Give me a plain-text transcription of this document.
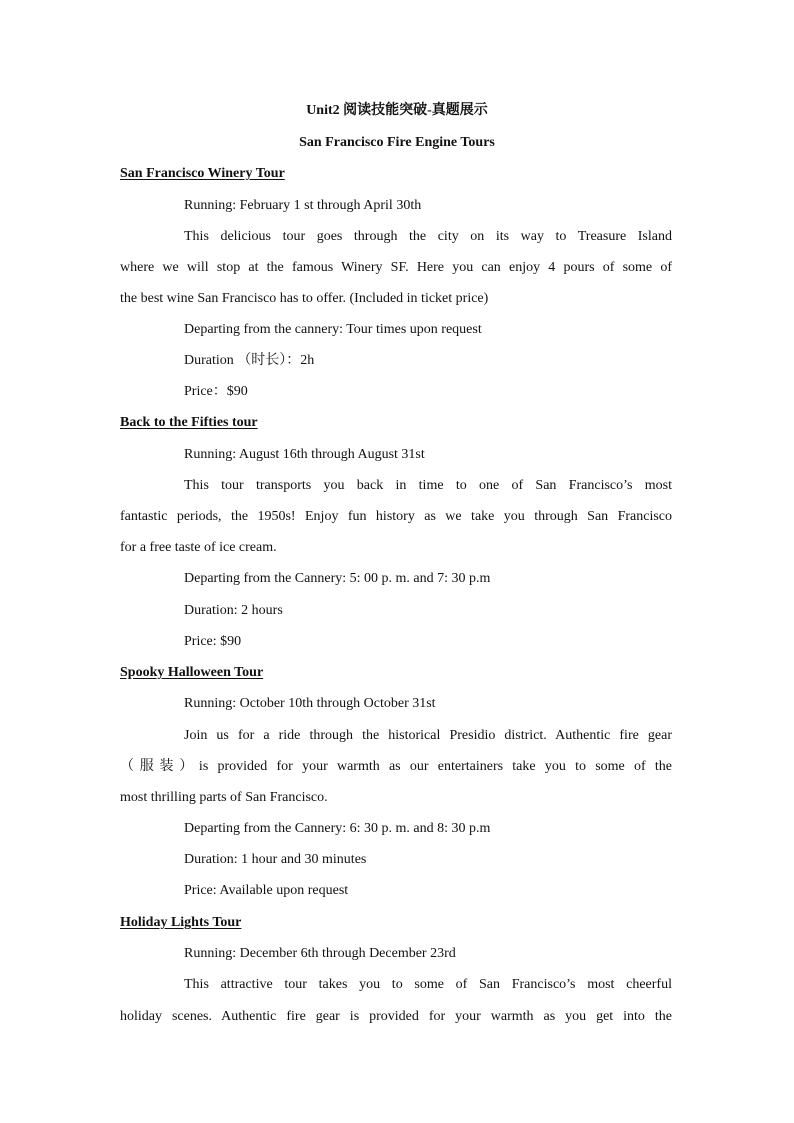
Unit2 阅读技能突破-真题展示
San Francisco Fire Engine Tours
San Francisco Winery Tour
Running: February 1 st through April 30th
This delicious tour goes through the city on its way to Treasure Island
where we will stop at the famous Winery SF. Here you can enjoy 4 pours of some of
the best wine San Francisco has to offer. (Included in ticket price)
Departing from the cannery: Tour times upon request
Duration （时长）：2h
Price：$90
Back to the Fifties tour
Running: August 16th through August 31st
This tour transports you back in time to one of San Francisco’s most
fantastic periods, the 1950s! Enjoy fun history as we take you through San Francisco
for a free taste of ice cream.
Departing from the Cannery: 5: 00 p. m. and 7: 30 p.m
Duration: 2 hours
Price: $90
Spooky Halloween Tour
Running: October 10th through October 31st
Join us for a ride through the historical Presidio district. Authentic fire gear
（服装）is provided for your warmth as our entertainers take you to some of the
most thrilling parts of San Francisco.
Departing from the Cannery: 6: 30 p. m. and 8: 30 p.m
Duration: 1 hour and 30 minutes
Price: Available upon request
Holiday Lights Tour
Running: December 6th through December 23rd
This attractive tour takes you to some of San Francisco’s most cheerful
holiday scenes. Authentic fire gear is provided for your warmth as you get into the
